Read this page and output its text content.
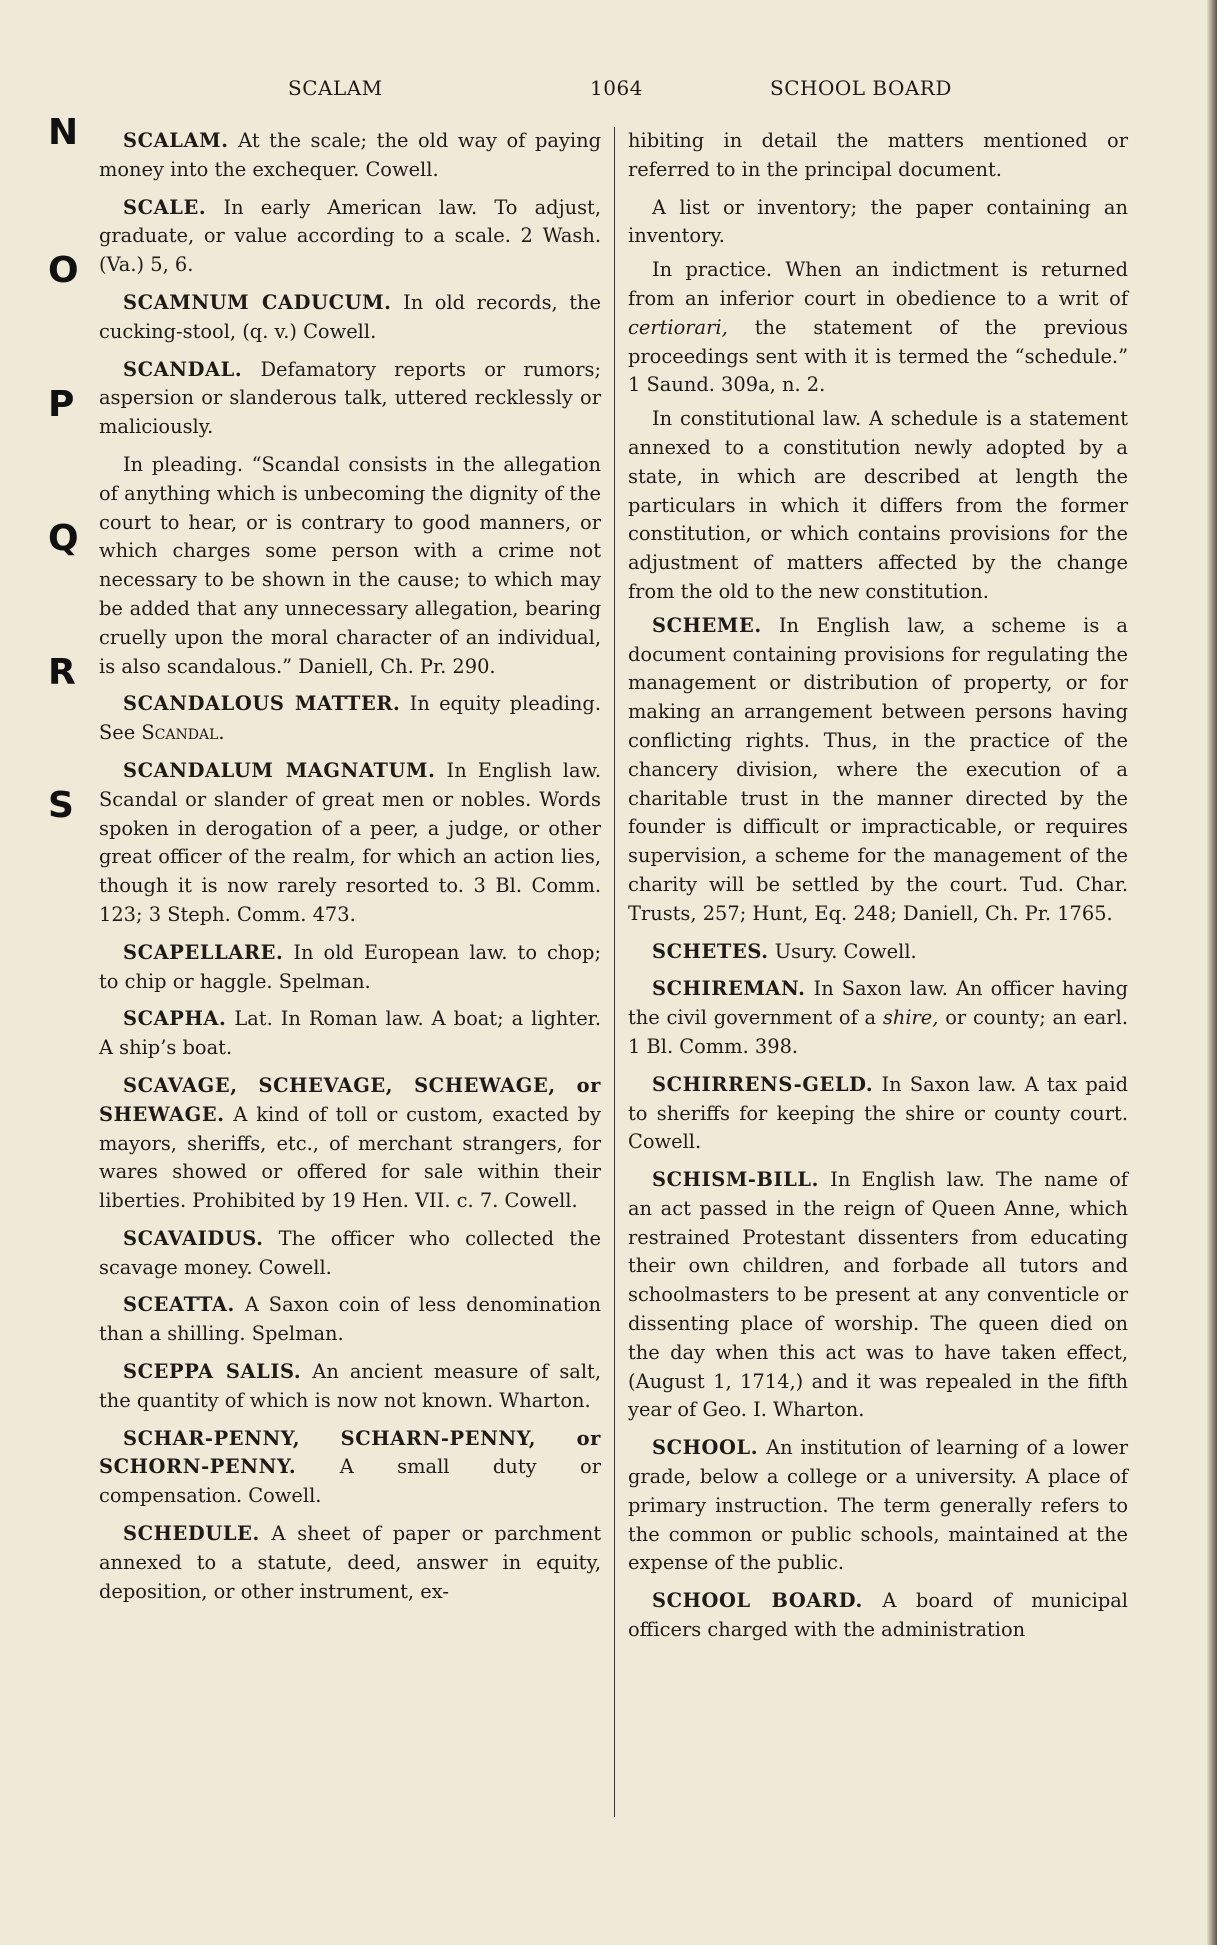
SCALAM	1064	SCHOOL BOARD
N
O
P
Q
R
S

SCALAM. At the scale; the old way of paying money into the exchequer. Cowell.

SCALE. In early American law. To adjust, graduate, or value according to a scale. 2 Wash. (Va.) 5, 6.

SCAMNUM CADUCUM. In old records, the cucking-stool, (q. v.) Cowell.

SCANDAL. Defamatory reports or rumors; aspersion or slanderous talk, uttered recklessly or maliciously.

In pleading. “Scandal consists in the allegation of anything which is unbecoming the dignity of the court to hear, or is contrary to good manners, or which charges some person with a crime not necessary to be shown in the cause; to which may be added that any unnecessary allegation, bearing cruelly upon the moral character of an individual, is also scandalous.” Daniell, Ch. Pr. 290.

SCANDALOUS MATTER. In equity pleading. See Scandal.

SCANDALUM MAGNATUM. In English law. Scandal or slander of great men or nobles. Words spoken in derogation of a peer, a judge, or other great officer of the realm, for which an action lies, though it is now rarely resorted to. 3 Bl. Comm. 123; 3 Steph. Comm. 473.

SCAPELLARE. In old European law. to chop; to chip or haggle. Spelman.

SCAPHA. Lat. In Roman law. A boat; a lighter. A ship’s boat.

SCAVAGE, SCHEVAGE, SCHEWAGE, or SHEWAGE. A kind of toll or custom, exacted by mayors, sheriffs, etc., of merchant strangers, for wares showed or offered for sale within their liberties. Prohibited by 19 Hen. VII. c. 7. Cowell.

SCAVAIDUS. The officer who collected the scavage money. Cowell.

SCEATTA. A Saxon coin of less denomination than a shilling. Spelman.

SCEPPA SALIS. An ancient measure of salt, the quantity of which is now not known. Wharton.

SCHAR-PENNY, SCHARN-PENNY, or SCHORN-PENNY. A small duty or compensation. Cowell.

SCHEDULE. A sheet of paper or parchment annexed to a statute, deed, answer in equity, deposition, or other instrument, ex-

hibiting in detail the matters mentioned or referred to in the principal document.

A list or inventory; the paper containing an inventory.

In practice. When an indictment is returned from an inferior court in obedience to a writ of certiorari, the statement of the previous proceedings sent with it is termed the “schedule.” 1 Saund. 309a, n. 2.

In constitutional law. A schedule is a statement annexed to a constitution newly adopted by a state, in which are described at length the particulars in which it differs from the former constitution, or which contains provisions for the adjustment of matters affected by the change from the old to the new constitution.

SCHEME. In English law, a scheme is a document containing provisions for regulating the management or distribution of property, or for making an arrangement between persons having conflicting rights. Thus, in the practice of the chancery division, where the execution of a charitable trust in the manner directed by the founder is difficult or impracticable, or requires supervision, a scheme for the management of the charity will be settled by the court. Tud. Char. Trusts, 257; Hunt, Eq. 248; Daniell, Ch. Pr. 1765.

SCHETES. Usury. Cowell.

SCHIREMAN. In Saxon law. An officer having the civil government of a shire, or county; an earl. 1 Bl. Comm. 398.

SCHIRRENS-GELD. In Saxon law. A tax paid to sheriffs for keeping the shire or county court. Cowell.

SCHISM-BILL. In English law. The name of an act passed in the reign of Queen Anne, which restrained Protestant dissenters from educating their own children, and forbade all tutors and schoolmasters to be present at any conventicle or dissenting place of worship. The queen died on the day when this act was to have taken effect, (August 1, 1714,) and it was repealed in the fifth year of Geo. I. Wharton.

SCHOOL. An institution of learning of a lower grade, below a college or a university. A place of primary instruction. The term generally refers to the common or public schools, maintained at the expense of the public.

SCHOOL BOARD. A board of municipal officers charged with the administration
